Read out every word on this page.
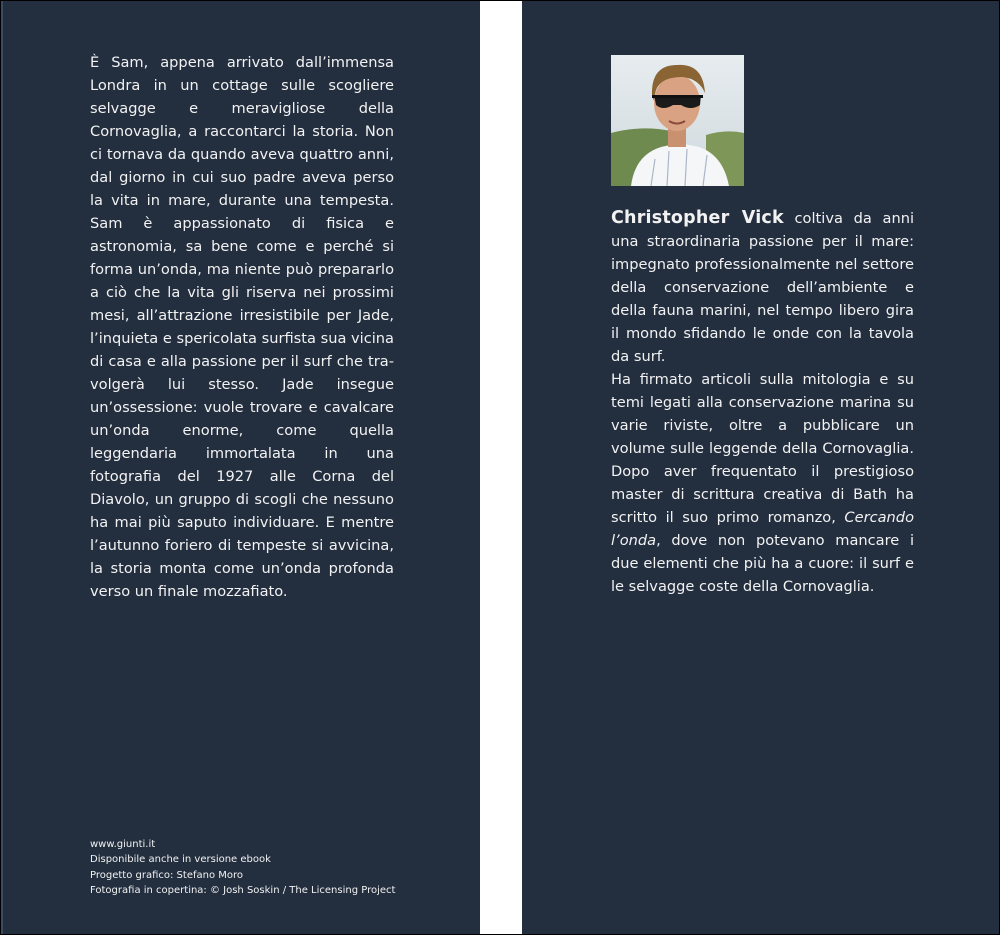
È Sam, appena arrivato dall’immensa Londra in un cottage sulle scogliere selvagge e meravigliose della Cornovaglia, a raccontarci la storia. Non ci tornava da quando aveva quattro anni, dal giorno in cui suo padre aveva perso la vita in mare, durante una tempesta. Sam è appassionato di fisica e astronomia, sa bene come e perché si forma un’onda, ma niente può prepararlo a ciò che la vita gli riserva nei prossimi mesi, all’attrazione irresistibile per Jade, l’inquieta e spericolata surfista sua vicina di casa e alla passione per il surf che travolgerà lui stesso. Jade insegue un’ossessione: vuole trovare e cavalcare un’onda enorme, come quella leggendaria immortalata in una fotografia del 1927 alle Corna del Diavolo, un gruppo di scogli che nessuno ha mai più saputo individuare. E mentre l’autunno foriero di tempeste si avvicina, la storia monta come un’onda profonda verso un finale mozzafiato.

www.giunti.it
Disponibile anche in versione ebook
Progetto grafico: Stefano Moro
Fotografia in copertina: © Josh Soskin / The Licensing Project

Christopher Vick coltiva da anni una straordinaria passione per il mare: impegnato professionalmente nel settore della conservazione dell’ambiente e della fauna marini, nel tempo libero gira il mondo sfidando le onde con la tavola da surf.

Ha firmato articoli sulla mitologia e su temi legati alla conservazione marina su varie riviste, oltre a pubblicare un volume sulle leggende della Cornovaglia. Dopo aver frequentato il prestigioso master di scrittura creativa di Bath ha scritto il suo primo romanzo, Cercando l’onda, dove non potevano mancare i due elementi che più ha a cuore: il surf e le selvagge coste della Cornovaglia.
